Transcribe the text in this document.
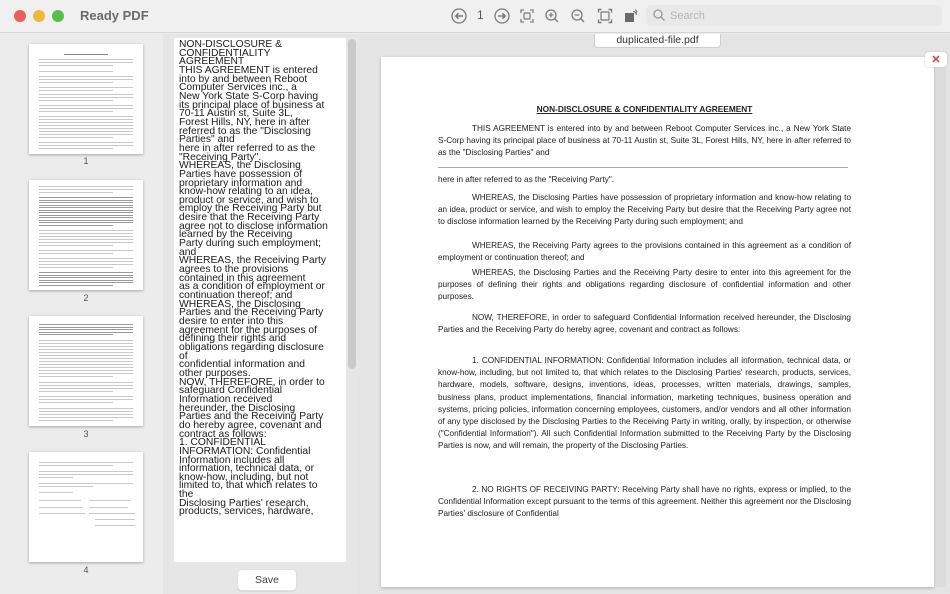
Ready PDF	1
Search
1
2
3
4
NON-DISCLOSURE &
CONFIDENTIALITY
AGREEMENT
THIS AGREEMENT is entered
into by and between Reboot
Computer Services inc., a
New York State S-Corp having
its principal place of business at
70-11 Austin st, Suite 3L,
Forest Hills, NY, here in after
referred to as the "Disclosing
Parties" and
here in after referred to as the
"Receiving Party".
WHEREAS, the Disclosing
Parties have possession of
proprietary information and
know-how relating to an idea,
product or service, and wish to
employ the Receiving Party but
desire that the Receiving Party
agree not to disclose information
learned by the Receiving
Party during such employment;
and
WHEREAS, the Receiving Party
agrees to the provisions
contained in this agreement
as a condition of employment or
continuation thereof; and
WHEREAS, the Disclosing
Parties and the Receiving Party
desire to enter into this
agreement for the purposes of
defining their rights and
obligations regarding disclosure
of
confidential information and
other purposes.
NOW, THEREFORE, in order to
safeguard Confidential
Information received
hereunder, the Disclosing
Parties and the Receiving Party
do hereby agree, covenant and
contract as follows:
1. CONFIDENTIAL
INFORMATION: Confidential
Information includes all
information, technical data, or
know-how, including, but not
limited to, that which relates to
the
Disclosing Parties' research,
products, services, hardware,
Save
NON-DISCLOSURE & CONFIDENTIALITY AGREEMENT

THIS AGREEMENT is entered into by and between Reboot Computer Services inc., a New York State S-Corp having its principal place of business at 70-11 Austin st, Suite 3L, Forest Hills, NY, here in after referred to as the "Disclosing Parties" and

here in after referred to as the "Receiving Party".

WHEREAS, the Disclosing Parties have possession of proprietary information and know-how relating to an idea, product or service, and wish to employ the Receiving Party but desire that the Receiving Party agree not to disclose information learned by the Receiving Party during such employment; and

WHEREAS, the Receiving Party agrees to the provisions contained in this agreement as a condition of employment or continuation thereof; and

WHEREAS, the Disclosing Parties and the Receiving Party desire to enter into this agreement for the purposes of defining their rights and obligations regarding disclosure of confidential information and other purposes.

NOW, THEREFORE, in order to safeguard Confidential Information received hereunder, the Disclosing Parties and the Receiving Party do hereby agree, covenant and contract as follows:

1. CONFIDENTIAL INFORMATION: Confidential Information includes all information, technical data, or know-how, including, but not limited to, that which relates to the Disclosing Parties' research, products, services, hardware, models, software, designs, inventions, ideas, processes, written materials, drawings, samples, business plans, product implementations, financial information, marketing techniques, business operation and systems, pricing policies, information concerning employees, customers, and/or vendors and all other information of any type disclosed by the Disclosing Parties to the Receiving Party in writing, orally, by inspection, or otherwise ("Confidential Information"). All such Confidential Information submitted to the Receiving Party by the Disclosing Parties is now, and will remain, the property of the Disclosing Parties.

2. NO RIGHTS OF RECEIVING PARTY: Receiving Party shall have no rights, express or implied, to the Confidential Information except pursuant to the terms of this agreement. Neither this agreement nor the Disclosing Parties' disclosure of Confidential

duplicated-file.pdf
✕
